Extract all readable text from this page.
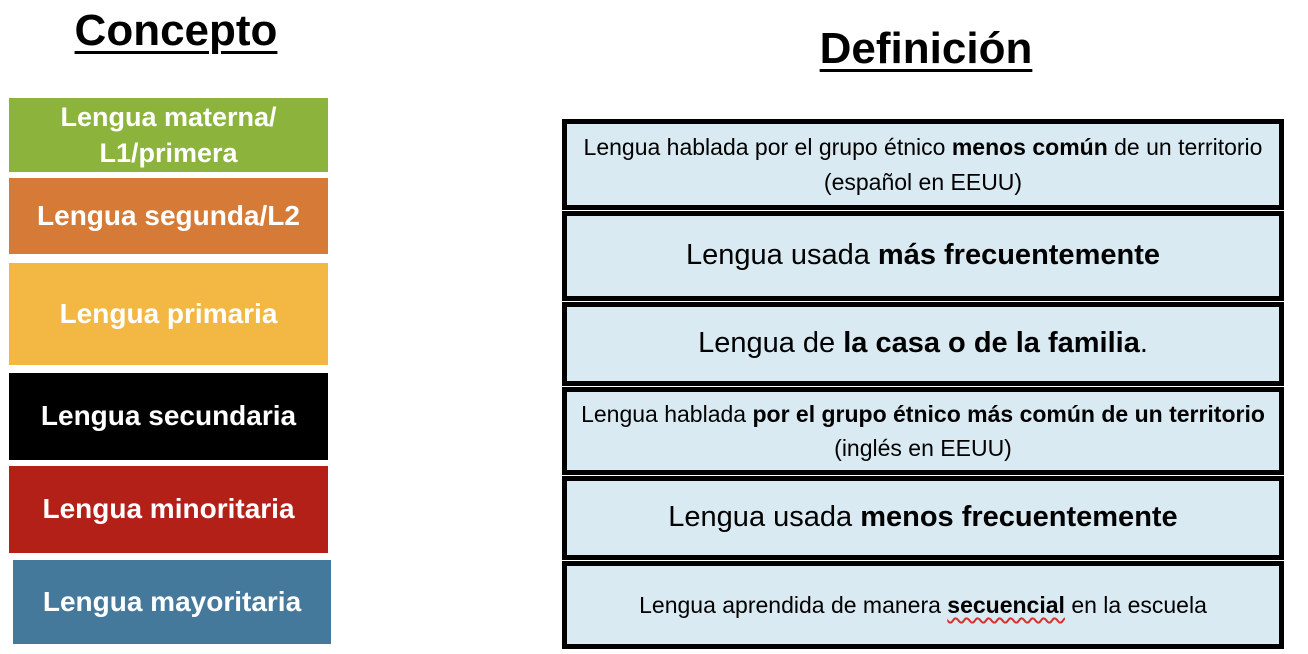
Concepto	Definición
Lengua materna/ L1/primera
Lengua segunda/L2
Lengua primaria
Lengua secundaria
Lengua minoritaria
Lengua mayoritaria
Lengua hablada por el grupo étnico menos común de un territorio (español en EEUU)
Lengua usada más frecuentemente
Lengua de la casa o de la familia.
Lengua hablada por el grupo étnico más común de un territorio (inglés en EEUU)
Lengua usada menos frecuentemente
Lengua aprendida de manera secuencial en la escuela
